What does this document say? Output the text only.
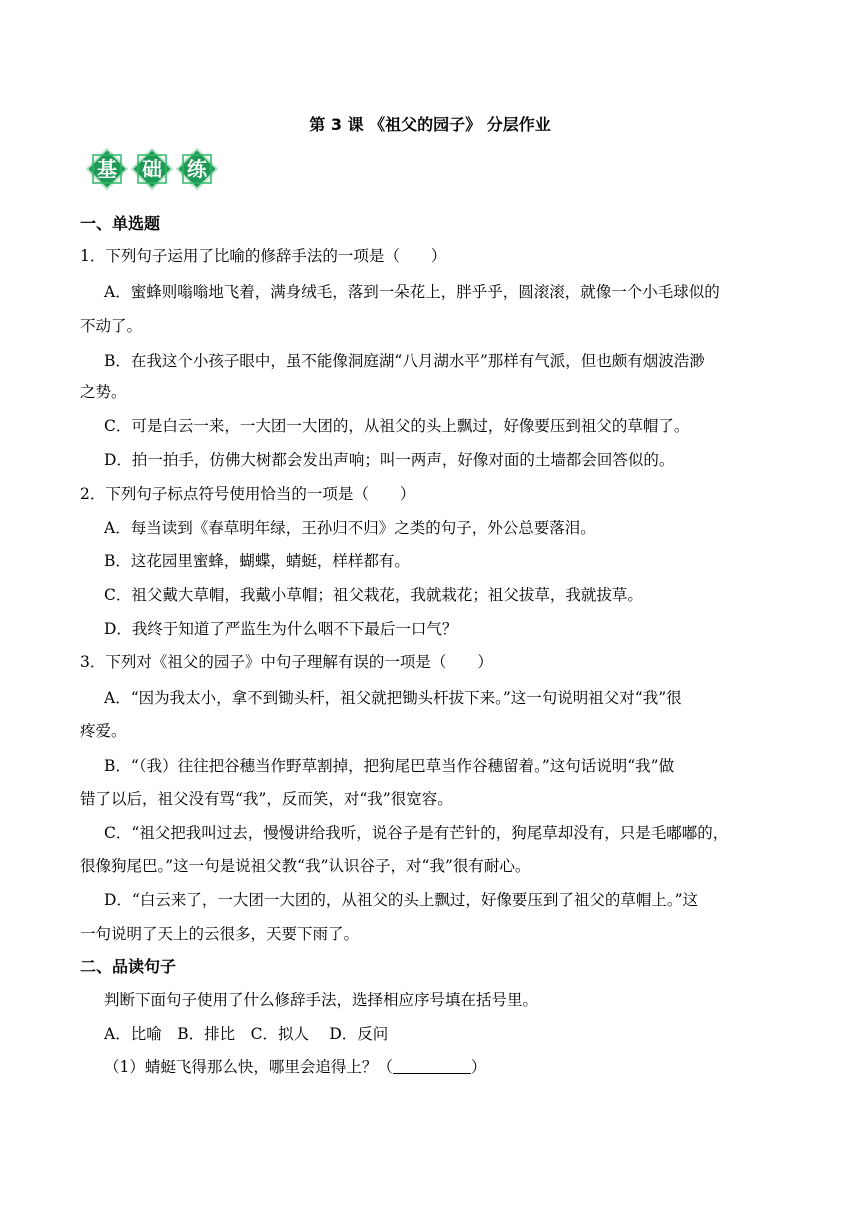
第 3 课 《祖父的园子》 分层作业
基	础	练
一、单选题
1．下列句子运用了比喻的修辞手法的一项是（　　）
A．蜜蜂则嗡嗡地飞着，满身绒毛，落到一朵花上，胖乎乎，圆滚滚，就像一个小毛球似的
不动了。
B．在我这个小孩子眼中，虽不能像洞庭湖“八月湖水平”那样有气派，但也颇有烟波浩渺
之势。
C．可是白云一来，一大团一大团的，从祖父的头上飘过，好像要压到祖父的草帽了。
D．拍一拍手，仿佛大树都会发出声响；叫一两声，好像对面的土墙都会回答似的。
2．下列句子标点符号使用恰当的一项是（　　）
A．每当读到《春草明年绿，王孙归不归》之类的句子，外公总要落泪。
B．这花园里蜜蜂，蝴蝶，蜻蜓，样样都有。
C．祖父戴大草帽，我戴小草帽；祖父栽花，我就栽花；祖父拔草，我就拔草。
D．我终于知道了严监生为什么咽不下最后一口气？
3．下列对《祖父的园子》中句子理解有误的一项是（　　）
A．“因为我太小，拿不到锄头杆，祖父就把锄头杆拔下来。”这一句说明祖父对“我”很
疼爱。
B．“（我）往往把谷穗当作野草割掉，把狗尾巴草当作谷穗留着。”这句话说明“我”做
错了以后，祖父没有骂“我”，反而笑，对“我”很宽容。
C．“祖父把我叫过去，慢慢讲给我听，说谷子是有芒针的，狗尾草却没有，只是毛嘟嘟的，
很像狗尾巴。”这一句是说祖父教“我”认识谷子，对“我”很有耐心。
D．“白云来了，一大团一大团的，从祖父的头上飘过，好像要压到了祖父的草帽上。”这
一句说明了天上的云很多，天要下雨了。
二、品读句子
判断下面句子使用了什么修辞手法，选择相应序号填在括号里。
A．比喻　B．排比　C．拟人　 D．反问
（1）蜻蜓飞得那么快，哪里会追得上？（	）
